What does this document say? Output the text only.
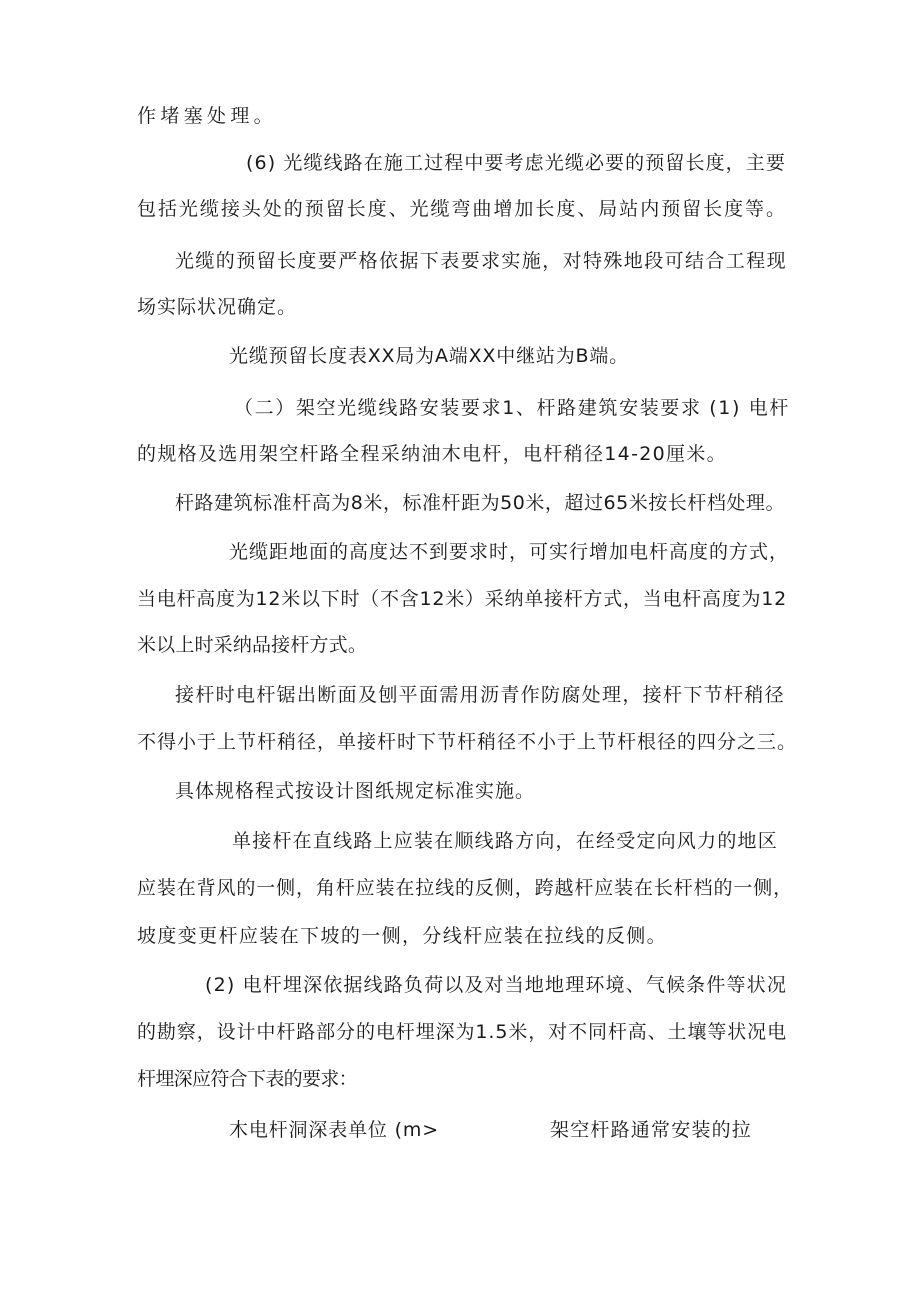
作堵塞处理。
(6) 光缆线路在施工过程中要考虑光缆必要的预留长度，主要
包括光缆接头处的预留长度、光缆弯曲增加长度、局站内预留长度等。
光缆的预留长度要严格依据下表要求实施，对特殊地段可结合工程现
场实际状况确定。
光缆预留长度表XX局为A端XX中继站为B端。
（二）架空光缆线路安装要求1、杆路建筑安装要求 (1) 电杆
的规格及选用架空杆路全程采纳油木电杆，电杆稍径14-20厘米。
杆路建筑标准杆高为8米，标准杆距为50米，超过65米按长杆档处理。
光缆距地面的高度达不到要求时，可实行增加电杆高度的方式，
当电杆高度为12米以下时（不含12米）采纳单接杆方式，当电杆高度为12
米以上时采纳品接杆方式。
接杆时电杆锯出断面及刨平面需用沥青作防腐处理，接杆下节杆稍径
不得小于上节杆稍径，单接杆时下节杆稍径不小于上节杆根径的四分之三。
具体规格程式按设计图纸规定标准实施。
单接杆在直线路上应装在顺线路方向，在经受定向风力的地区
应装在背风的一侧，角杆应装在拉线的反侧，跨越杆应装在长杆档的一侧，
坡度变更杆应装在下坡的一侧，分线杆应装在拉线的反侧。
(2) 电杆埋深依据线路负荷以及对当地地理环境、气候条件等状况
的勘察，设计中杆路部分的电杆埋深为1.5米，对不同杆高、土壤等状况电
杆埋深应符合下表的要求：
木电杆洞深表单位 (m>	架空杆路通常安装的拉
